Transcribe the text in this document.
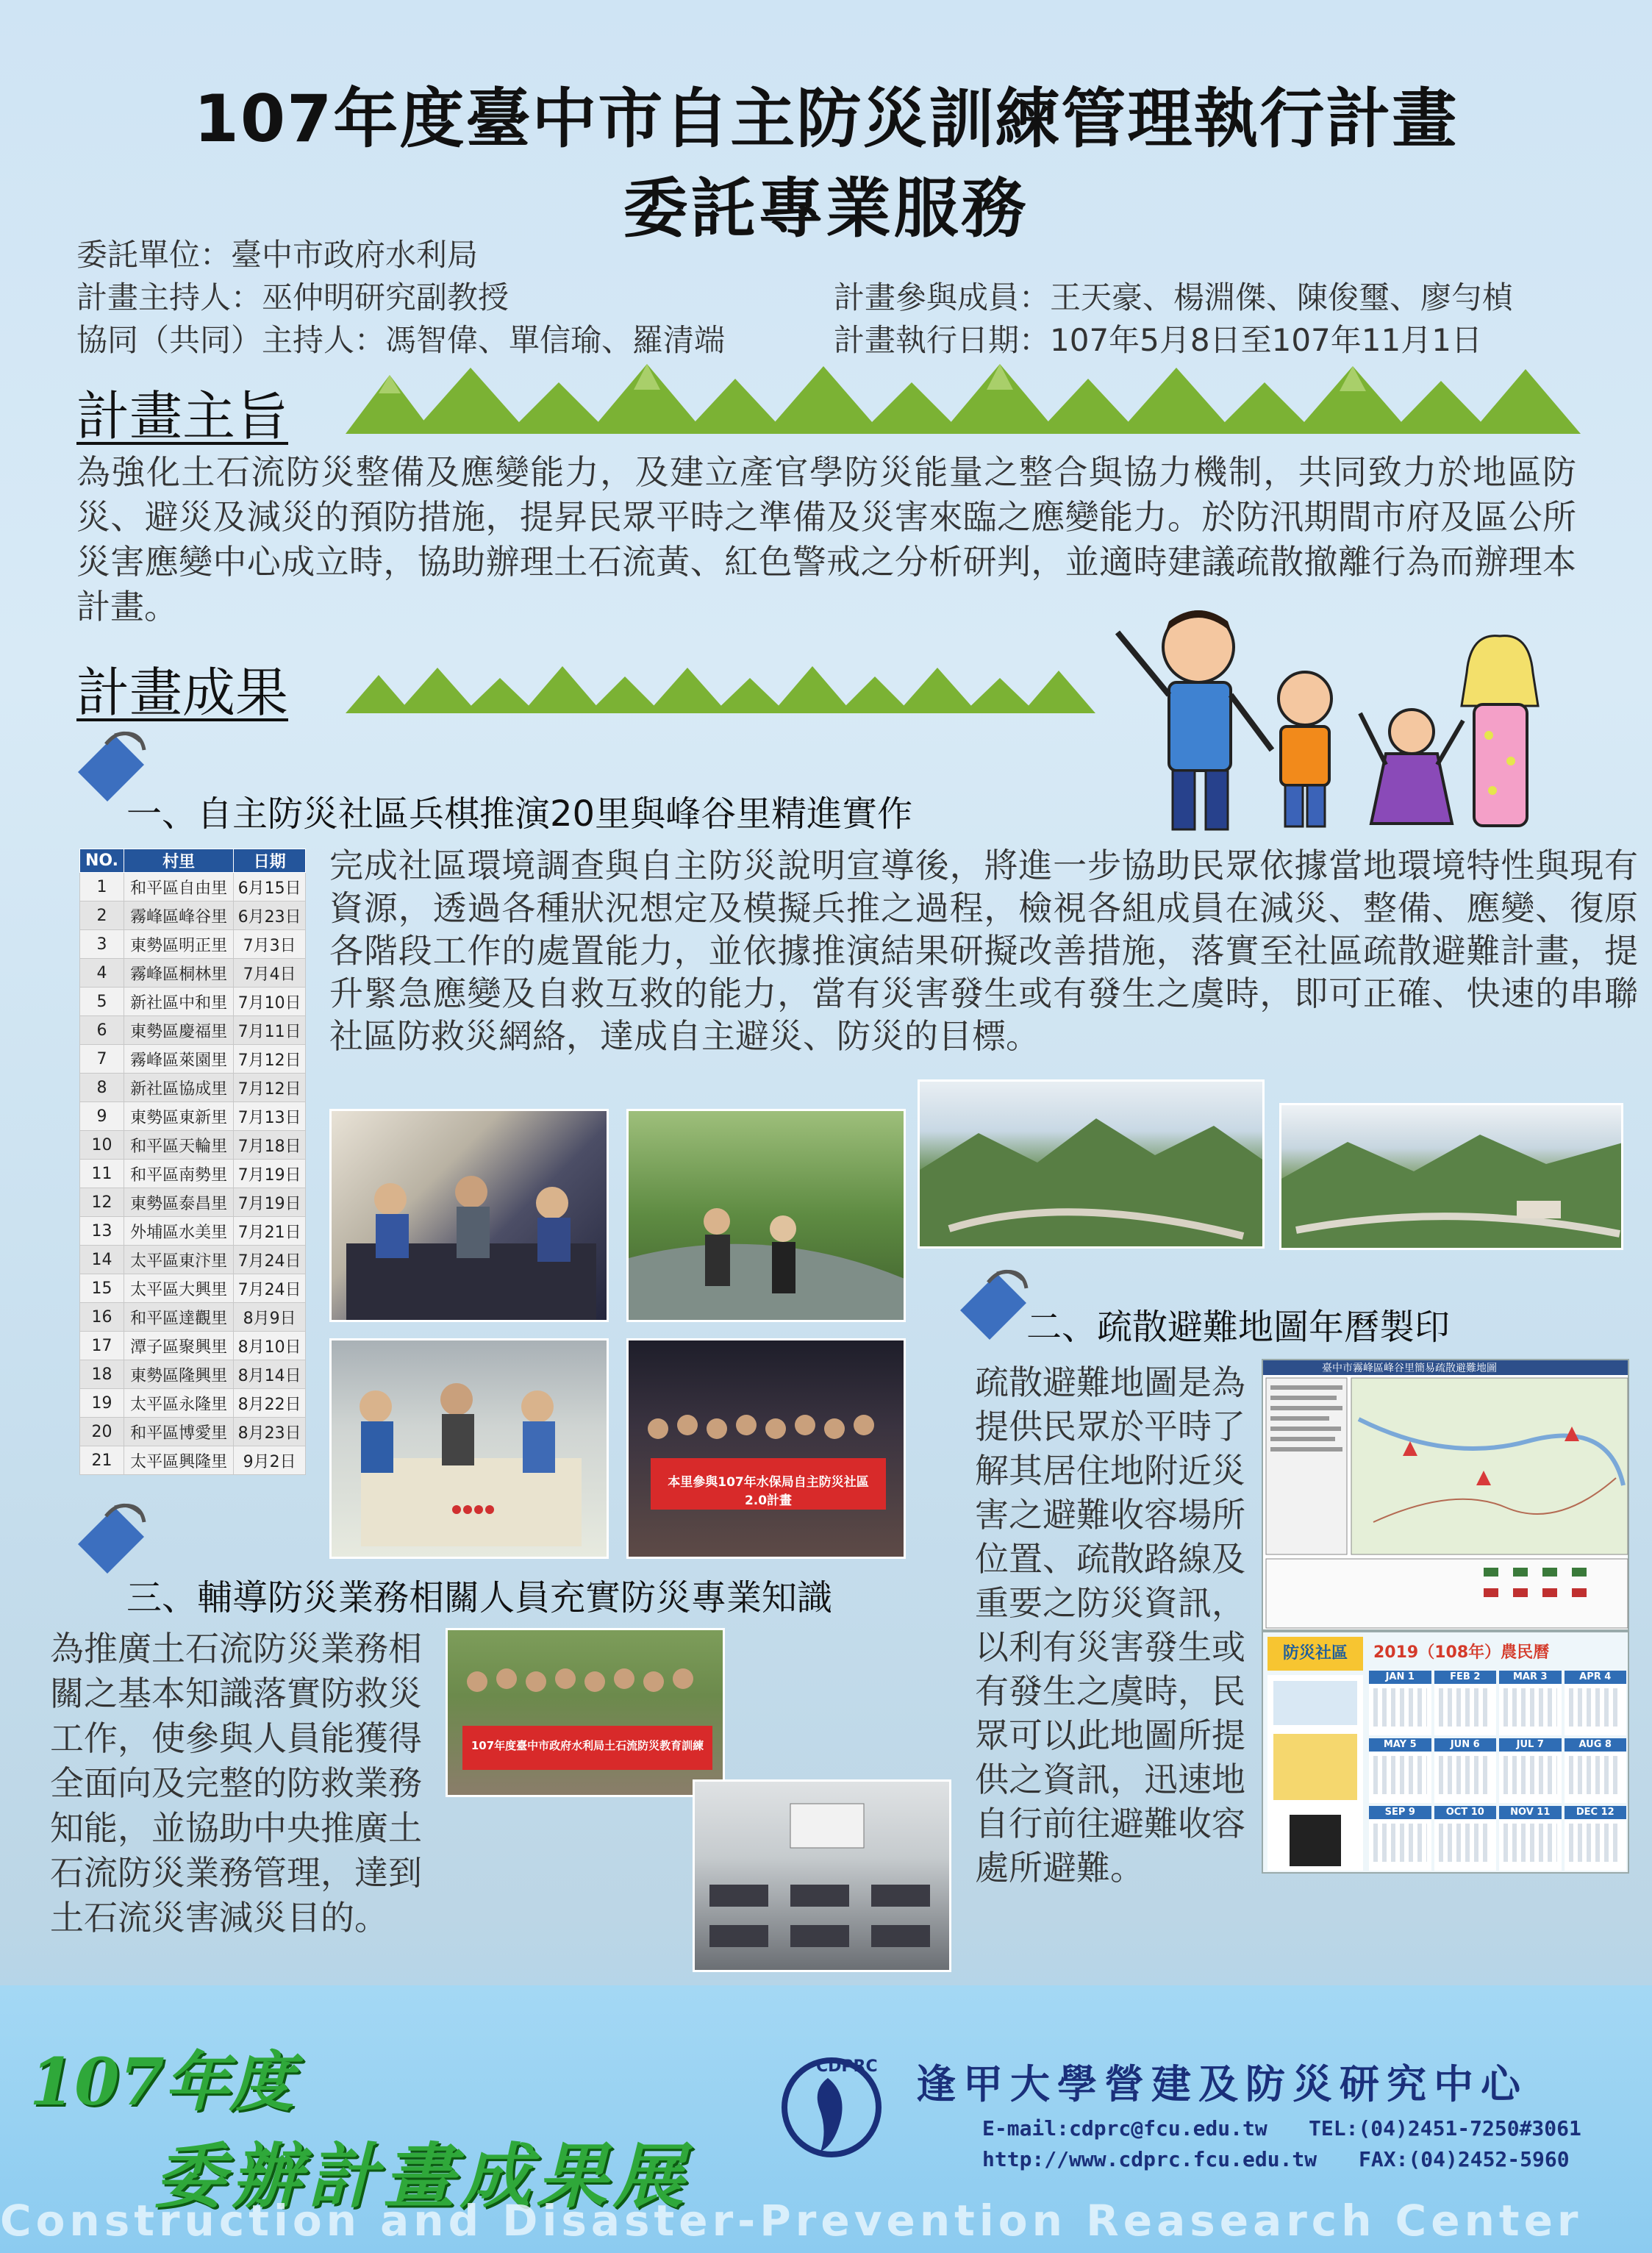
107年度臺中市自主防災訓練管理執行計畫
委託專業服務
委託單位：臺中市政府水利局
計畫主持人：巫仲明研究副教授
協同（共同）主持人：馮智偉、單信瑜、羅清端
計畫參與成員：王天豪、楊淵傑、陳俊璽、廖勻楨
計畫執行日期：107年5月8日至107年11月1日
計畫主旨
為強化土石流防災整備及應變能力，及建立產官學防災能量之整合與協力機制，共同致力於地區防災、避災及減災的預防措施，提昇民眾平時之準備及災害來臨之應變能力。於防汛期間市府及區公所災害應變中心成立時，協助辦理土石流黃、紅色警戒之分析研判，並適時建議疏散撤離行為而辦理本計畫。
計畫成果
一、自主防災社區兵棋推演20里與峰谷里精進實作
NO.	村里	日期
1	和平區自由里	6月15日
2	霧峰區峰谷里	6月23日
3	東勢區明正里	7月3日
4	霧峰區桐林里	7月4日
5	新社區中和里	7月10日
6	東勢區慶福里	7月11日
7	霧峰區萊園里	7月12日
8	新社區協成里	7月12日
9	東勢區東新里	7月13日
10	和平區天輪里	7月18日
11	和平區南勢里	7月19日
12	東勢區泰昌里	7月19日
13	外埔區水美里	7月21日
14	太平區東汴里	7月24日
15	太平區大興里	7月24日
16	和平區達觀里	8月9日
17	潭子區聚興里	8月10日
18	東勢區隆興里	8月14日
19	太平區永隆里	8月22日
20	和平區博愛里	8月23日
21	太平區興隆里	9月2日
完成社區環境調查與自主防災說明宣導後，將進一步協助民眾依據當地環境特性與現有資源，透過各種狀況想定及模擬兵推之過程，檢視各組成員在減災、整備、應變、復原各階段工作的處置能力，並依據推演結果研擬改善措施，落實至社區疏散避難計畫，提升緊急應變及自救互救的能力，當有災害發生或有發生之虞時，即可正確、快速的串聯社區防救災網絡，達成自主避災、防災的目標。
本里參與107年水保局自主防災社區2.0計畫
二、疏散避難地圖年曆製印
疏散避難地圖是為提供民眾於平時了解其居住地附近災害之避難收容場所位置、疏散路線及重要之防災資訊，以利有災害發生或有發生之虞時，民眾可以此地圖所提供之資訊，迅速地自行前往避難收容處所避難。
臺中市霧峰區峰谷里簡易疏散避難地圖
防災社區	2019（108年）農民曆
JAN 1	FEB 2	MAR 3	APR 4
MAY 5	JUN 6	JUL 7	AUG 8
SEP 9	OCT 10	NOV 11	DEC 12
三、輔導防災業務相關人員充實防災專業知識
為推廣土石流防災業務相關之基本知識落實防救災工作，使參與人員能獲得全面向及完整的防救業務知能，並協助中央推廣土石流防災業務管理，達到土石流災害減災目的。
107年度臺中市政府水利局土石流防災教育訓練
107年度
委辦計畫成果展
CDPRC 逢甲大學營建及防災研究中心
E-mail:cdprc@fcu.edu.tw TEL:(04)2451-7250#3061
http://www.cdprc.fcu.edu.tw FAX:(04)2452-5960
Construction and Disaster-Prevention Reasearch Center
